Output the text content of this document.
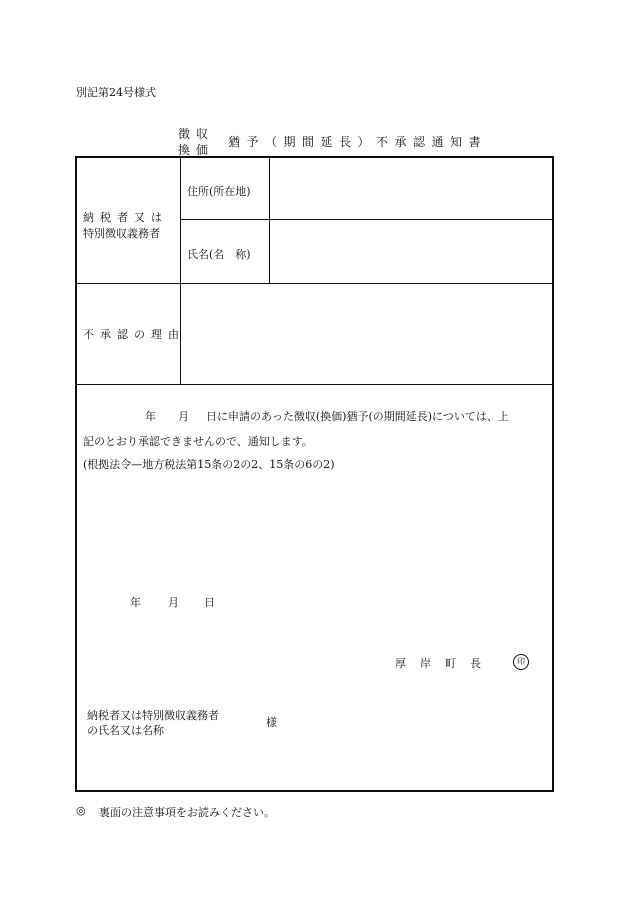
別記第24号様式
徴収
換価
猶予（期間延長）不承認通知書
納税者又は
特別徴収義務者
住所(所在地)
氏名(名　称)
不承認の理由
年 月 日に申請のあった徴収(換価)猶予(の期間延長)については、上
記のとおり承認できませんので、通知します。
(根拠法令—地方税法第15条の2の2、15条の6の2)
年 月 日
厚岸町長	印
納税者又は特別徴収義務者
の氏名又は名称
様
◎ 裏面の注意事項をお読みください。
